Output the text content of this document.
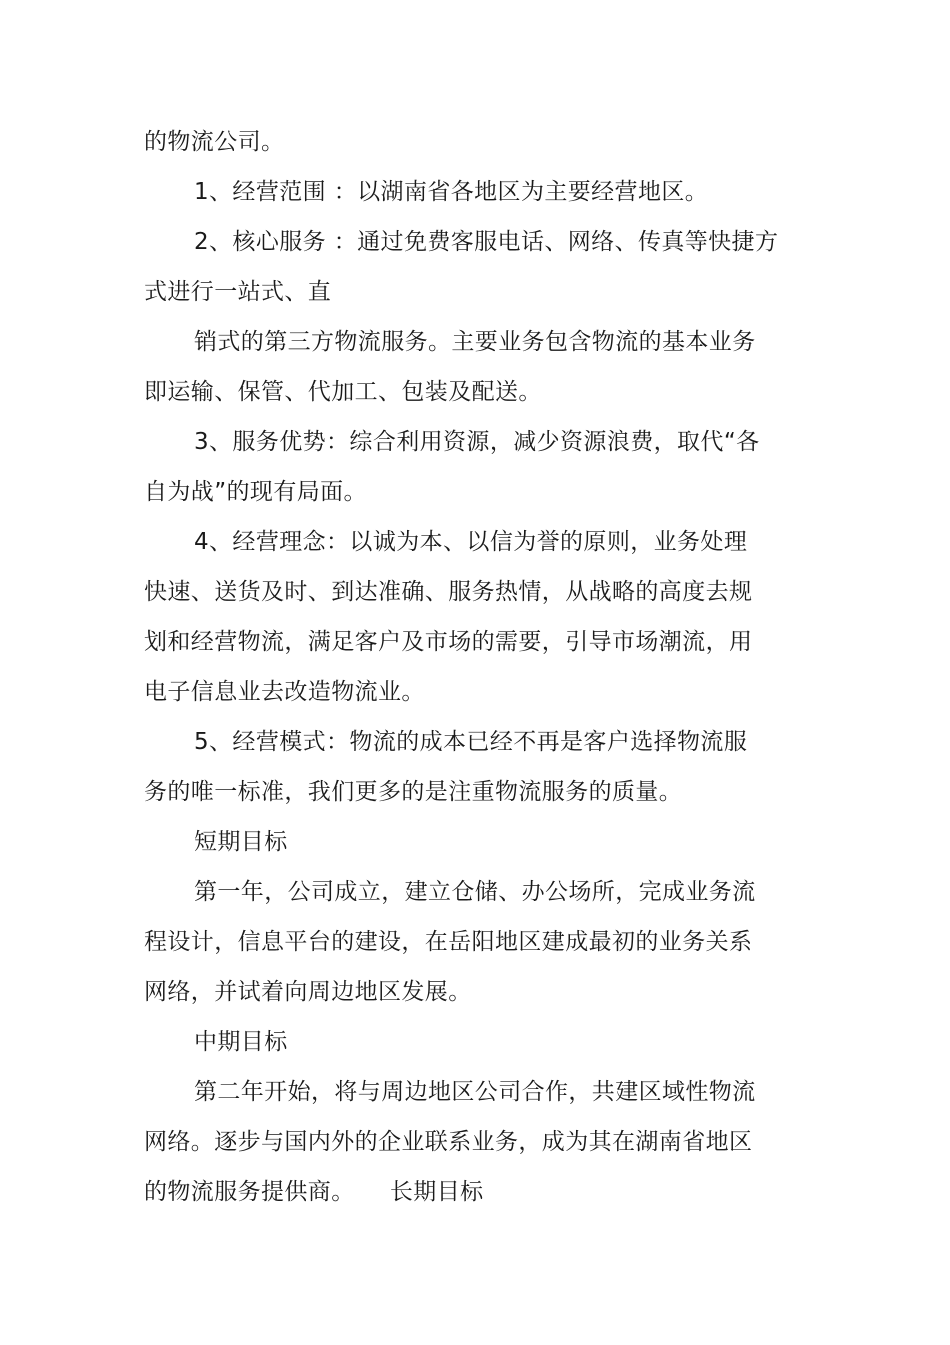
的物流公司。
1、经营范围 ：以湖南省各地区为主要经营地区。
2、核心服务 ：通过免费客服电话、网络、传真等快捷方
式进行一站式、直
销式的第三方物流服务。主要业务包含物流的基本业务
即运输、保管、代加工、包装及配送。
3、服务优势：综合利用资源，减少资源浪费，取代“各
自为战”的现有局面。
4、经营理念：以诚为本、以信为誉的原则，业务处理
快速、送货及时、到达准确、服务热情，从战略的高度去规
划和经营物流，满足客户及市场的需要，引导市场潮流，用
电子信息业去改造物流业。
5、经营模式：物流的成本已经不再是客户选择物流服
务的唯一标准，我们更多的是注重物流服务的质量。
短期目标
第一年，公司成立，建立仓储、办公场所，完成业务流
程设计，信息平台的建设，在岳阳地区建成最初的业务关系
网络，并试着向周边地区发展。
中期目标
第二年开始，将与周边地区公司合作，共建区域性物流
网络。逐步与国内外的企业联系业务，成为其在湖南省地区
的物流服务提供商。　　长期目标
